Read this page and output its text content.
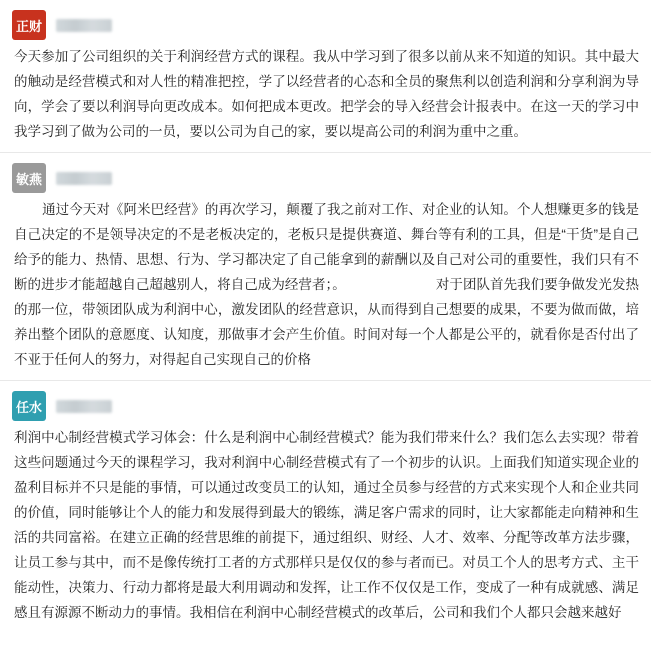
正财
今天参加了公司组织的关于利润经营方式的课程。我从中学习到了很多以前从来不知道的知识。其中最大的触动是经营模式和对人性的精准把控，学了以经营者的心态和全员的聚焦利以创造利润和分享利润为导向，学会了要以利润导向更改成本。如何把成本更改。把学会的导入经营会计报表中。在这一天的学习中我学习到了做为公司的一员，要以公司为自己的家，要以堤高公司的利润为重中之重。
敏燕
通过今天对《阿米巴经营》的再次学习，颠覆了我之前对工作、对企业的认知。个人想赚更多的钱是自己决定的不是领导决定的不是老板决定的，老板只是提供赛道、舞台等有利的工具，但是“干货”是自己给予的能力、热情、思想、行为、学习都决定了自己能拿到的薪酬以及自己对公司的重要性，我们只有不断的进步才能超越自己超越别人，将自己成为经营者；。	对于团队首先我们要争做发光发热的那一位，带领团队成为利润中心，激发团队的经营意识，从而得到自己想要的成果，不要为做而做，培养出整个团队的意愿度、认知度，那做事才会产生价值。时间对每一个人都是公平的，就看你是否付出了不亚于任何人的努力，对得起自己实现自己的价格
任水
利润中心制经营模式学习体会：什么是利润中心制经营模式？能为我们带来什么？我们怎么去实现？带着这些问题通过今天的课程学习，我对利润中心制经营模式有了一个初步的认识。上面我们知道实现企业的盈利目标并不只是能的事情，可以通过改变员工的认知，通过全员参与经营的方式来实现个人和企业共同的价值，同时能够让个人的能力和发展得到最大的锻练，满足客户需求的同时，让大家都能走向精神和生活的共同富裕。在建立正确的经营思维的前提下，通过组织、财经、人才、效率、分配等改革方法步骤，让员工参与其中，而不是像传统打工者的方式那样只是仅仅的参与者而已。对员工个人的思考方式、主干能动性，决策力、行动力都将是最大利用调动和发挥，让工作不仅仅是工作，变成了一种有成就感、满足感且有源源不断动力的事情。我相信在利润中心制经营模式的改革后，公司和我们个人都只会越来越好
